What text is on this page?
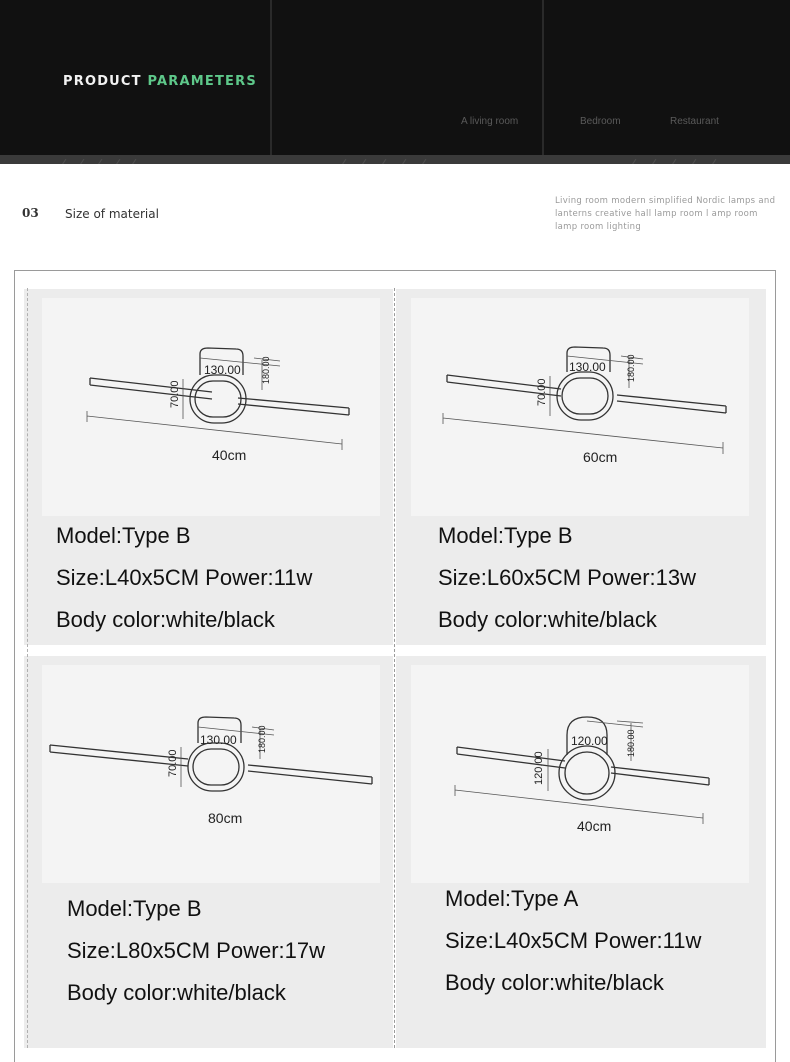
PRODUCT PARAMETERS
A living room	Bedroom	Restaurant
03 Size of material
Living room modern simplified Nordic lamps and lanterns creative hall lamp room l amp room lamp room lighting
130.00 180.00
70.00
40cm
Model:Type B
Size:L40x5CM Power:11w
Body color:white/black
130.00 180.00
70.00
60cm
Model:Type B
Size:L60x5CM Power:13w
Body color:white/black
130.00 180.00
70.00
80cm
Model:Type B
Size:L80x5CM Power:17w
Body color:white/black
120.00 180.00
120.00
40cm
Model:Type A
Size:L40x5CM Power:11w
Body color:white/black
